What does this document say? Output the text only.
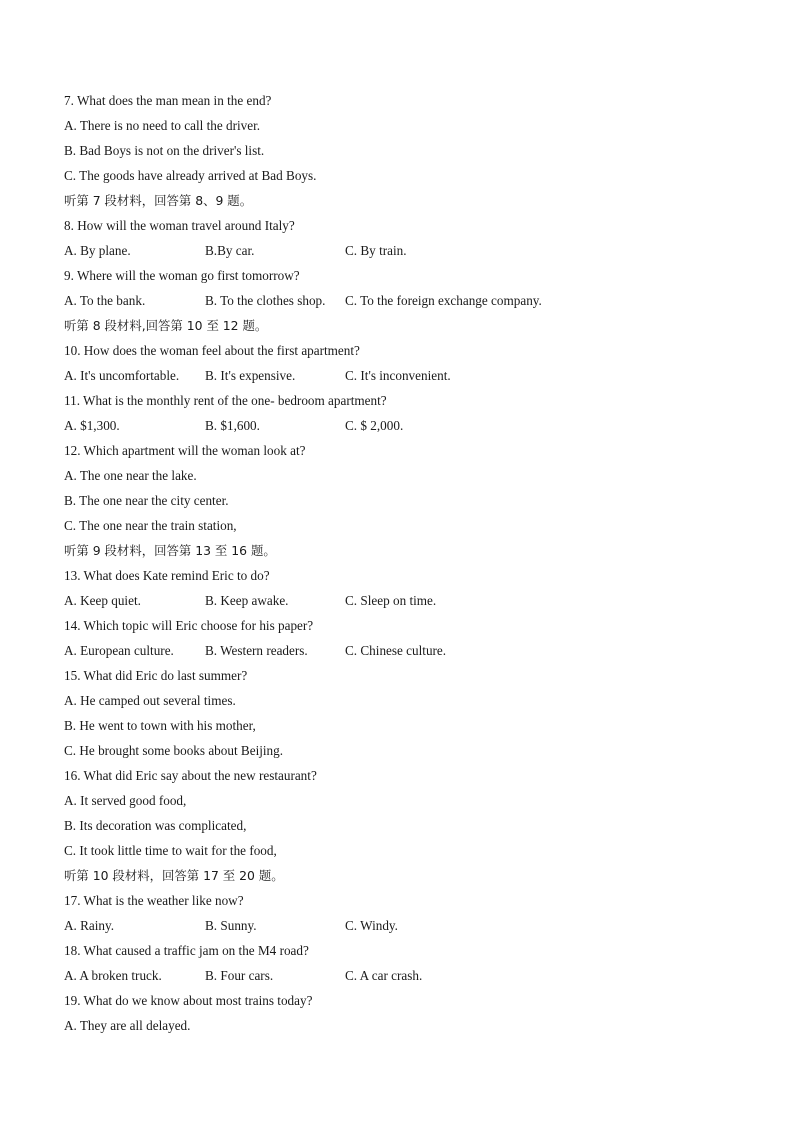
7. What does the man mean in the end?
A. There is no need to call the driver.
B. Bad Boys is not on the driver's list.
C. The goods have already arrived at Bad Boys.
听第 7 段材料，回答第 8、9 题。
8. How will the woman travel around Italy?
A. By plane.	B.By car.	C. By train.
9. Where will the woman go first tomorrow?
A. To the bank.	B. To the clothes shop. C. To the foreign exchange company.
听第 8 段材料,回答第 10 至 12 题。
10. How does the woman feel about the first apartment?
A. It's uncomfortable. B. It's expensive.	C. It's inconvenient.
11. What is the monthly rent of the one- bedroom apartment?
A. $1,300.	B. $1,600.	C. $ 2,000.
12. Which apartment will the woman look at?
A. The one near the lake.
B. The one near the city center.
C. The one near the train station,
听第 9 段材料，回答第 13 至 16 题。
13. What does Kate remind Eric to do?
A. Keep quiet.	B. Keep awake.	C. Sleep on time.
14. Which topic will Eric choose for his paper?
A. European culture. B. Western readers.	C. Chinese culture.
15. What did Eric do last summer?
A. He camped out several times.
B. He went to town with his mother,
C. He brought some books about Beijing.
16. What did Eric say about the new restaurant?
A. It served good food,
B. Its decoration was complicated,
C. It took little time to wait for the food,
听第 10 段材料，回答第 17 至 20 题。
17. What is the weather like now?
A. Rainy.	B. Sunny.	C. Windy.
18. What caused a traffic jam on the M4 road?
A. A broken truck.	B. Four cars.	C. A car crash.
19. What do we know about most trains today?
A. They are all delayed.
